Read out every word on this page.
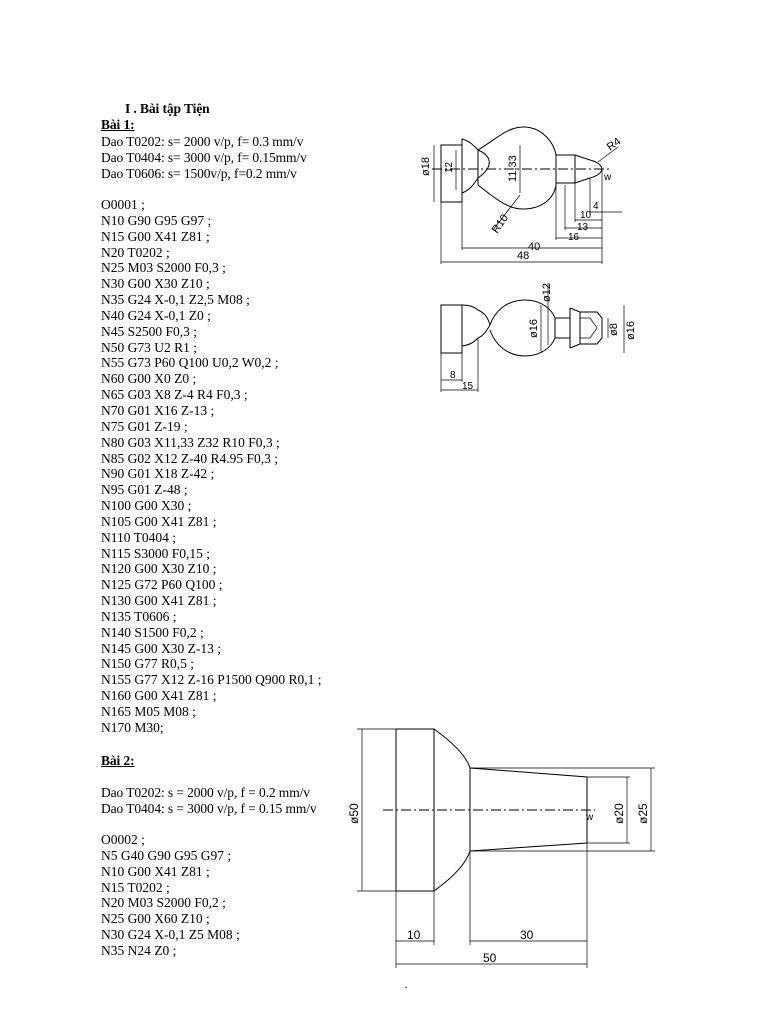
I . Bài tập Tiện
Bài 1:
Dao T0202: s= 2000 v/p, f= 0.3 mm/v
Dao T0404: s= 3000 v/p, f= 0.15mm/v
Dao T0606: s= 1500v/p, f=0.2 mm/v
O0001 ;
N10 G90 G95 G97 ;
N15 G00 X41 Z81 ;
N20 T0202 ;
N25 M03 S2000 F0,3 ;
N30 G00 X30 Z10 ;
N35 G24 X-0,1 Z2,5 M08 ;
N40 G24 X-0,1 Z0 ;
N45 S2500 F0,3 ;
N50 G73 U2 R1 ;
N55 G73 P60 Q100 U0,2 W0,2 ;
N60 G00 X0 Z0 ;
N65 G03 X8 Z-4 R4 F0,3 ;
N70 G01 X16 Z-13 ;
N75 G01 Z-19 ;
N80 G03 X11,33 Z32 R10 F0,3 ;
N85 G02 X12 Z-40 R4.95 F0,3 ;
N90 G01 X18 Z-42 ;
N95 G01 Z-48 ;
N100 G00 X30 ;
N105 G00 X41 Z81 ;
N110 T0404 ;
N115 S3000 F0,15 ;
N120 G00 X30 Z10 ;
N125 G72 P60 Q100 ;
N130 G00 X41 Z81 ;
N135 T0606 ;
N140 S1500 F0,2 ;
N145 G00 X30 Z-13 ;
N150 G77 R0,5 ;
N155 G77 X12 Z-16 P1500 Q900 R0,1 ;
N160 G00 X41 Z81 ;
N165 M05 M08 ;
N170 M30;
Bài 2:
Dao T0202: s = 2000 v/p, f = 0.2 mm/v
Dao T0404: s = 3000 v/p, f = 0.15 mm/v
O0002 ;
N5 G40 G90 G95 G97 ;
N10 G00 X41 Z81 ;
N15 T0202 ;
N20 M03 S2000 F0,2 ;
N25 G00 X60 Z10 ;
N30 G24 X-0,1 Z5 M08 ;
N35 N24 Z0 ;
ø18 12	11,33
R4
w
R10
4
10
13
16
40
48
ø12
ø16	ø8 ø16
8
15
w
ø50	ø20 ø25
10	30
50
·
